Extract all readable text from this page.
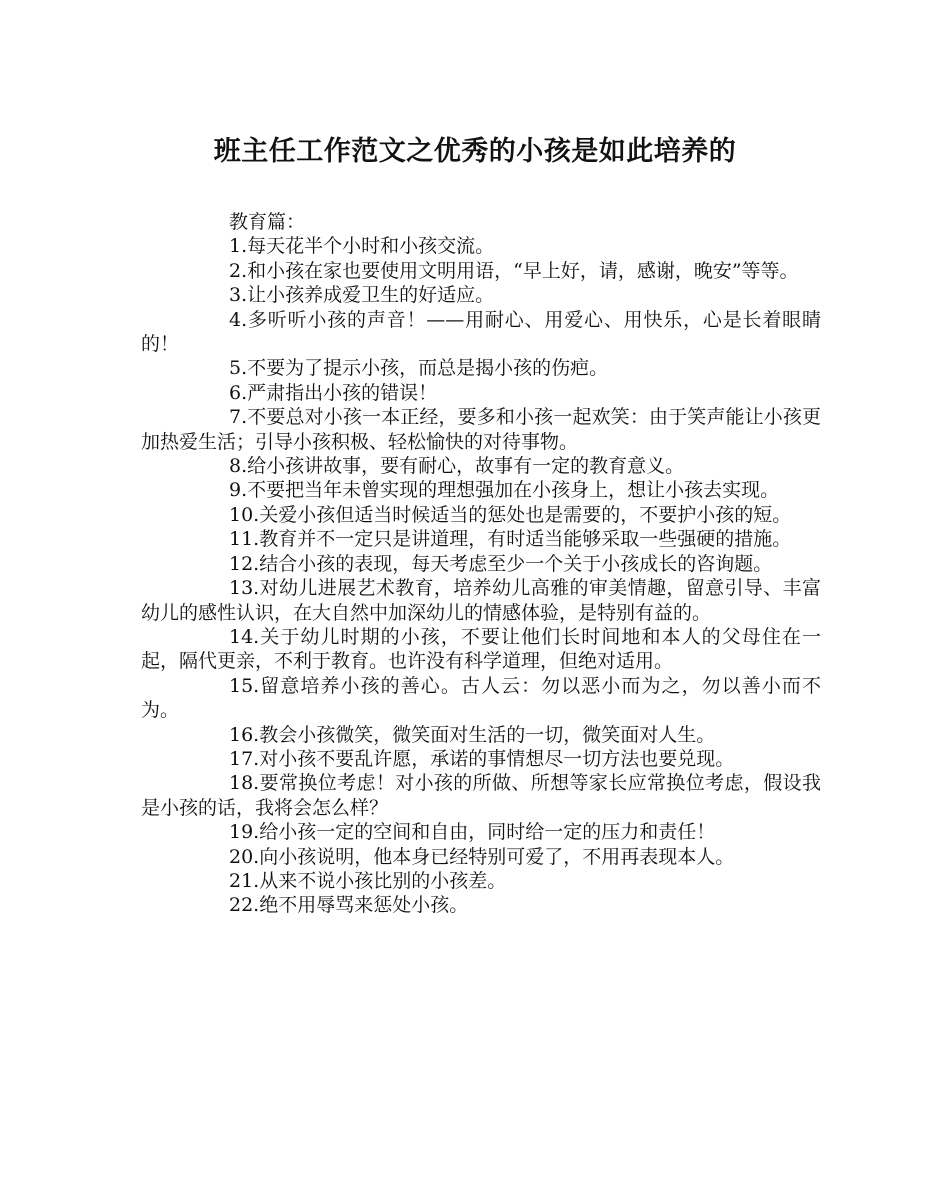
班主任工作范文之优秀的小孩是如此培养的

教育篇：

1.每天花半个小时和小孩交流。

2.和小孩在家也要使用文明用语，“早上好，请，感谢，晚安”等等。

3.让小孩养成爱卫生的好适应。

4.多听听小孩的声音！——用耐心、用爱心、用快乐，心是长着眼睛的！

5.不要为了提示小孩，而总是揭小孩的伤疤。

6.严肃指出小孩的错误！

7.不要总对小孩一本正经，要多和小孩一起欢笑：由于笑声能让小孩更加热爱生活；引导小孩积极、轻松愉快的对待事物。

8.给小孩讲故事，要有耐心，故事有一定的教育意义。

9.不要把当年未曾实现的理想强加在小孩身上，想让小孩去实现。

10.关爱小孩但适当时候适当的惩处也是需要的，不要护小孩的短。

11.教育并不一定只是讲道理，有时适当能够采取一些强硬的措施。

12.结合小孩的表现，每天考虑至少一个关于小孩成长的咨询题。

13.对幼儿进展艺术教育，培养幼儿高雅的审美情趣，留意引导、丰富幼儿的感性认识，在大自然中加深幼儿的情感体验，是特别有益的。

14.关于幼儿时期的小孩，不要让他们长时间地和本人的父母住在一起，隔代更亲，不利于教育。也许没有科学道理，但绝对适用。

15.留意培养小孩的善心。古人云：勿以恶小而为之，勿以善小而不为。

16.教会小孩微笑，微笑面对生活的一切，微笑面对人生。

17.对小孩不要乱许愿，承诺的事情想尽一切方法也要兑现。

18.要常换位考虑！对小孩的所做、所想等家长应常换位考虑，假设我是小孩的话，我将会怎么样？

19.给小孩一定的空间和自由，同时给一定的压力和责任！

20.向小孩说明，他本身已经特别可爱了，不用再表现本人。

21.从来不说小孩比别的小孩差。

22.绝不用辱骂来惩处小孩。
